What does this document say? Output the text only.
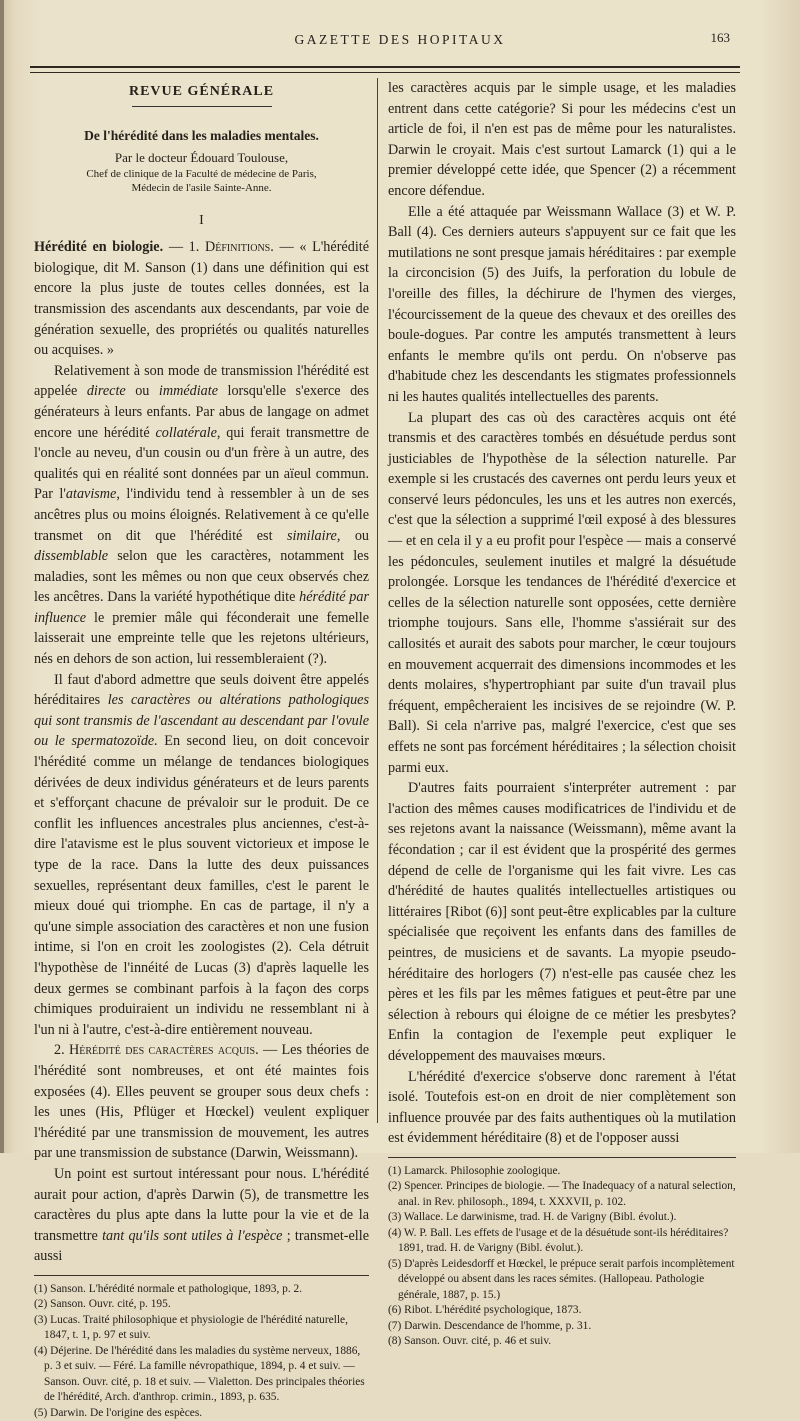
GAZETTE DES HOPITAUX	163
REVUE GÉNÉRALE
De l'hérédité dans les maladies mentales.
Par le docteur Édouard Toulouse,
Chef de clinique de la Faculté de médecine de Paris,
Médecin de l'asile Sainte-Anne.
I

Hérédité en biologie. — 1. Définitions. — « L'hérédité biologique, dit M. Sanson (1) dans une définition qui est encore la plus juste de toutes celles données, est la transmission des ascendants aux descendants, par voie de génération sexuelle, des propriétés ou qualités naturelles ou acquises. »

Relativement à son mode de transmission l'hérédité est appelée directe ou immédiate lorsqu'elle s'exerce des générateurs à leurs enfants. Par abus de langage on admet encore une hérédité collatérale, qui ferait transmettre de l'oncle au neveu, d'un cousin ou d'un frère à un autre, des qualités qui en réalité sont données par un aïeul commun. Par l'atavisme, l'individu tend à ressembler à un de ses ancêtres plus ou moins éloignés. Relativement à ce qu'elle transmet on dit que l'hérédité est similaire, ou dissemblable selon que les caractères, notamment les maladies, sont les mêmes ou non que ceux observés chez les ancêtres. Dans la variété hypothétique dite hérédité par influence le premier mâle qui féconderait une femelle laisserait une empreinte telle que les rejetons ultérieurs, nés en dehors de son action, lui ressembleraient (?).

Il faut d'abord admettre que seuls doivent être appelés héréditaires les caractères ou altérations pathologiques qui sont transmis de l'ascendant au descendant par l'ovule ou le spermatozoïde. En second lieu, on doit concevoir l'hérédité comme un mélange de tendances biologiques dérivées de deux individus générateurs et de leurs parents et s'efforçant chacune de prévaloir sur le produit. De ce conflit les influences ancestrales plus anciennes, c'est-à-dire l'atavisme est le plus souvent victorieux et impose le type de la race. Dans la lutte des deux puissances sexuelles, représentant deux familles, c'est le parent le mieux doué qui triomphe. En cas de partage, il n'y a qu'une simple association des caractères et non une fusion intime, si l'on en croit les zoologistes (2). Cela détruit l'hypothèse de l'innéité de Lucas (3) d'après laquelle les deux germes se combinant parfois à la façon des corps chimiques produiraient un individu ne ressemblant ni à l'un ni à l'autre, c'est-à-dire entièrement nouveau.

2. Hérédité des caractères acquis. — Les théories de l'hérédité sont nombreuses, et ont été maintes fois exposées (4). Elles peuvent se grouper sous deux chefs : les unes (His, Pflüger et Hœckel) veulent expliquer l'hérédité par une transmission de mouvement, les autres par une transmission de substance (Darwin, Weissmann).

Un point est surtout intéressant pour nous. L'hérédité aurait pour action, d'après Darwin (5), de transmettre les caractères du plus apte dans la lutte pour la vie et de la transmettre tant qu'ils sont utiles à l'espèce ; transmet-elle aussi

(1) Sanson. L'hérédité normale et pathologique, 1893, p. 2.
(2) Sanson. Ouvr. cité, p. 195.
(3) Lucas. Traité philosophique et physiologie de l'hérédité naturelle, 1847, t. 1, p. 97 et suiv.
(4) Déjerine. De l'hérédité dans les maladies du système nerveux, 1886, p. 3 et suiv. — Féré. La famille névropathique, 1894, p. 4 et suiv. — Sanson. Ouvr. cité, p. 18 et suiv. — Vialetton. Des principales théories de l'hérédité, Arch. d'anthrop. crimin., 1893, p. 635.
(5) Darwin. De l'origine des espèces.

les caractères acquis par le simple usage, et les maladies entrent dans cette catégorie? Si pour les médecins c'est un article de foi, il n'en est pas de même pour les naturalistes. Darwin le croyait. Mais c'est surtout Lamarck (1) qui a le premier développé cette idée, que Spencer (2) a récemment encore défendue.

Elle a été attaquée par Weissmann Wallace (3) et W. P. Ball (4). Ces derniers auteurs s'appuyent sur ce fait que les mutilations ne sont presque jamais héréditaires : par exemple la circoncision (5) des Juifs, la perforation du lobule de l'oreille des filles, la déchirure de l'hymen des vierges, l'écourcissement de la queue des chevaux et des oreilles des boule-dogues. Par contre les amputés transmettent à leurs enfants le membre qu'ils ont perdu. On n'observe pas d'habitude chez les descendants les stigmates professionnels ni les hautes qualités intellectuelles des parents.

La plupart des cas où des caractères acquis ont été transmis et des caractères tombés en désuétude perdus sont justiciables de l'hypothèse de la sélection naturelle. Par exemple si les crustacés des cavernes ont perdu leurs yeux et conservé leurs pédoncules, les uns et les autres non exercés, c'est que la sélection a supprimé l'œil exposé à des blessures — et en cela il y a eu profit pour l'espèce — mais a conservé les pédoncules, seulement inutiles et malgré la désuétude prolongée. Lorsque les tendances de l'hérédité d'exercice et celles de la sélection naturelle sont opposées, cette dernière triomphe toujours. Sans elle, l'homme s'assiérait sur des callosités et aurait des sabots pour marcher, le cœur toujours en mouvement acquerrait des dimensions incommodes et les dents molaires, s'hypertrophiant par suite d'un travail plus fréquent, empêcheraient les incisives de se rejoindre (W. P. Ball). Si cela n'arrive pas, malgré l'exercice, c'est que ses effets ne sont pas forcément héréditaires ; la sélection choisit parmi eux.

D'autres faits pourraient s'interpréter autrement : par l'action des mêmes causes modificatrices de l'individu et de ses rejetons avant la naissance (Weissmann), même avant la fécondation ; car il est évident que la prospérité des germes dépend de celle de l'organisme qui les fait vivre. Les cas d'hérédité de hautes qualités intellectuelles artistiques ou littéraires [Ribot (6)] sont peut-être explicables par la culture spécialisée que reçoivent les enfants dans des familles de peintres, de musiciens et de savants. La myopie pseudo-héréditaire des horlogers (7) n'est-elle pas causée chez les pères et les fils par les mêmes fatigues et peut-être par une sélection à rebours qui éloigne de ce métier les presbytes? Enfin la contagion de l'exemple peut expliquer le développement des mauvaises mœurs.

L'hérédité d'exercice s'observe donc rarement à l'état isolé. Toutefois est-on en droit de nier complètement son influence prouvée par des faits authentiques où la mutilation est évidemment héréditaire (8) et de l'opposer aussi

(1) Lamarck. Philosophie zoologique.
(2) Spencer. Principes de biologie. — The Inadequacy of a natural selection, anal. in Rev. philosoph., 1894, t. XXXVII, p. 102.
(3) Wallace. Le darwinisme, trad. H. de Varigny (Bibl. évolut.).
(4) W. P. Ball. Les effets de l'usage et de la désuétude sont-ils héréditaires? 1891, trad. H. de Varigny (Bibl. évolut.).
(5) D'après Leidesdorff et Hœckel, le prépuce serait parfois incomplètement développé ou absent dans les races sémites. (Hallopeau. Pathologie générale, 1887, p. 15.)
(6) Ribot. L'hérédité psychologique, 1873.
(7) Darwin. Descendance de l'homme, p. 31.
(8) Sanson. Ouvr. cité, p. 46 et suiv.
